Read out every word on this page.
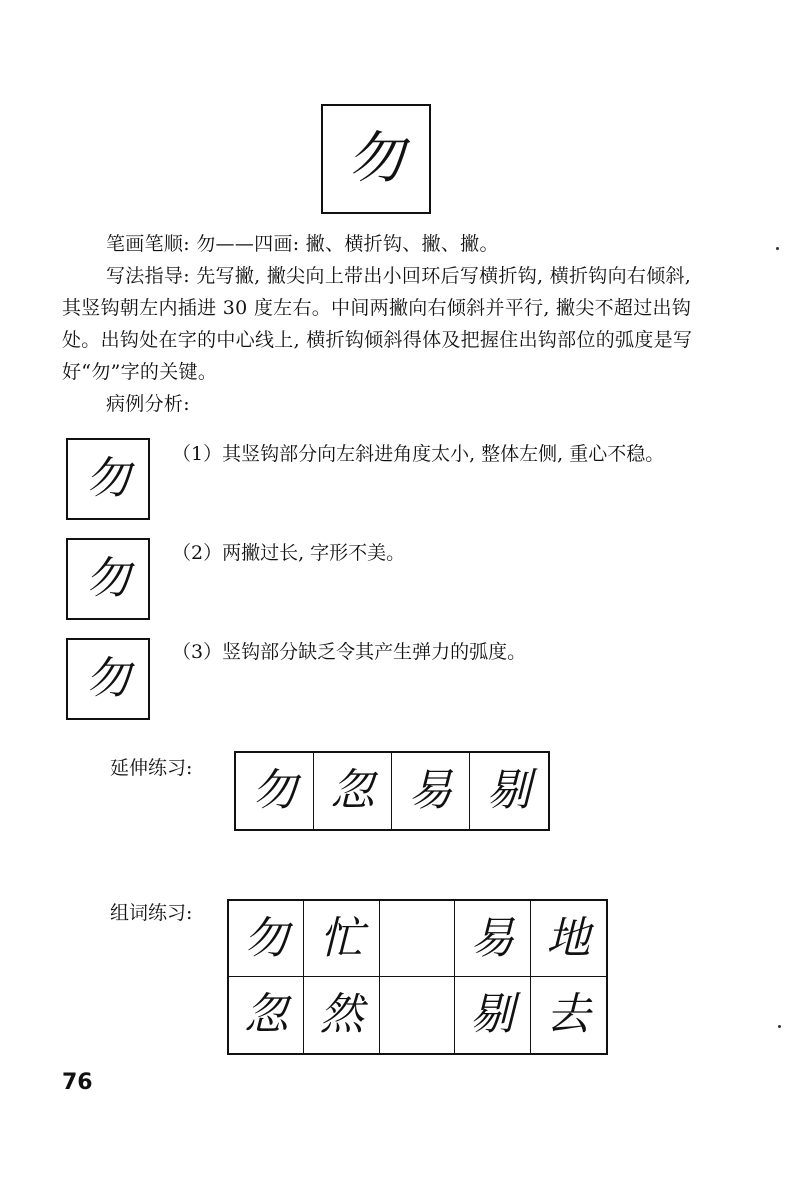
勿

笔画笔顺: 勿——四画: 撇、横折钩、撇、撇。

写法指导: 先写撇, 撇尖向上带出小回环后写横折钩, 横折钩向右倾斜, 其竖钩朝左内插进 30 度左右。中间两撇向右倾斜并平行, 撇尖不超过出钩处。出钩处在字的中心线上, 横折钩倾斜得体及把握住出钩部位的弧度是写好“勿”字的关键。

病例分析:

勿	（1）其竖钩部分向左斜进角度太小, 整体左侧, 重心不稳。
勿	（2）两撇过长, 字形不美。
勿
（3）竖钩部分缺乏令其产生弹力的弧度。
延伸练习:	勿 忽 易 剔
组词练习:	勿 忙	易 地
忽 然	剔 去
76
